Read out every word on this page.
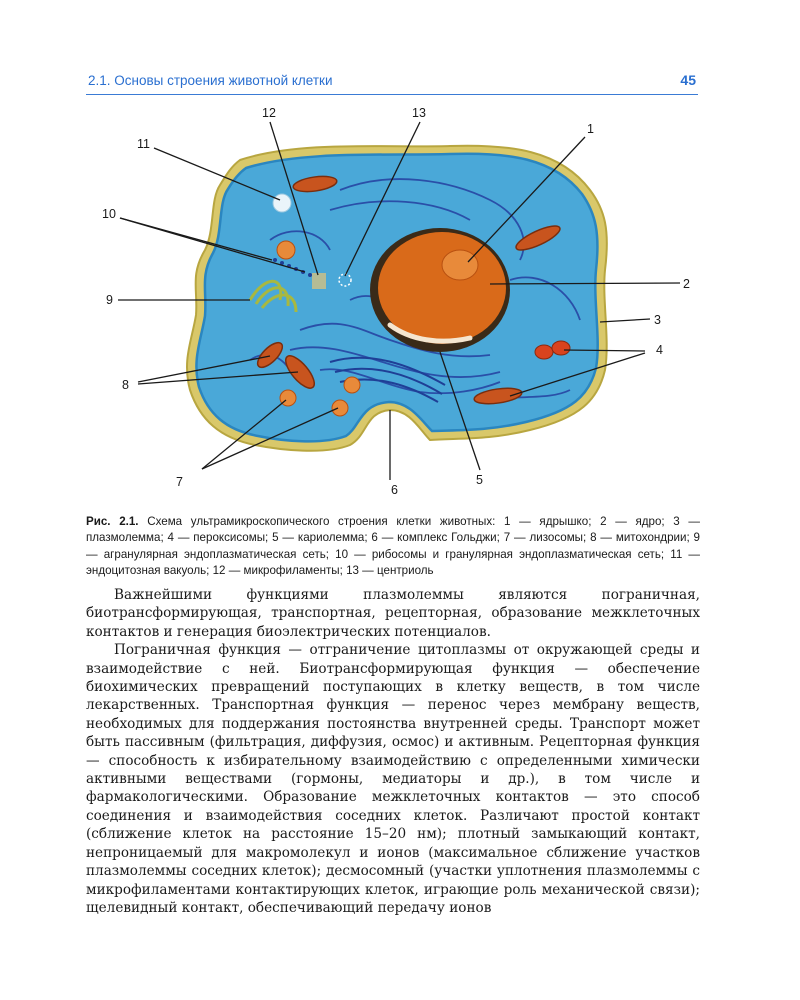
2.1. Основы строения животной клетки	45
1
2
3
4
5
6
7
8
9
10
11
12	13
Рис. 2.1. Схема ультрамикроскопического строения клетки животных: 1 — ядрышко; 2 — ядро; 3 — плазмолемма; 4 — пероксисомы; 5 — кариолемма; 6 — комплекс Гольджи; 7 — лизосомы; 8 — митохондрии; 9 — агранулярная эндоплазматическая сеть; 10 — рибосомы и гранулярная эндоплазматическая сеть; 11 — эндоцитозная вакуоль; 12 — микрофиламенты; 13 — центриоль

Важнейшими функциями плазмолеммы являются пограничная, биотрансформирующая, транспортная, рецепторная, образование межклеточных контактов и генерация биоэлектрических потенциалов.

Пограничная функция — отграничение цитоплазмы от окружающей среды и взаимодействие с ней. Биотрансформирующая функция — обеспечение биохимических превращений поступающих в клетку веществ, в том числе лекарственных. Транспортная функция — перенос через мембрану веществ, необходимых для поддержания постоянства внутренней среды. Транспорт может быть пассивным (фильтрация, диффузия, осмос) и активным. Рецепторная функция — способность к избирательному взаимодействию с определенными химически активными веществами (гормоны, медиаторы и др.), в том числе и фармакологическими. Образование межклеточных контактов — это способ соединения и взаимодействия соседних клеток. Различают простой контакт (сближение клеток на расстояние 15–20 нм); плотный замыкающий контакт, непроницаемый для макромолекул и ионов (максимальное сближение участков плазмолеммы соседних клеток); десмосомный (участки уплотнения плазмолеммы с микрофиламентами контактирующих клеток, играющие роль механической связи); щелевидный контакт, обеспечивающий передачу ионов
